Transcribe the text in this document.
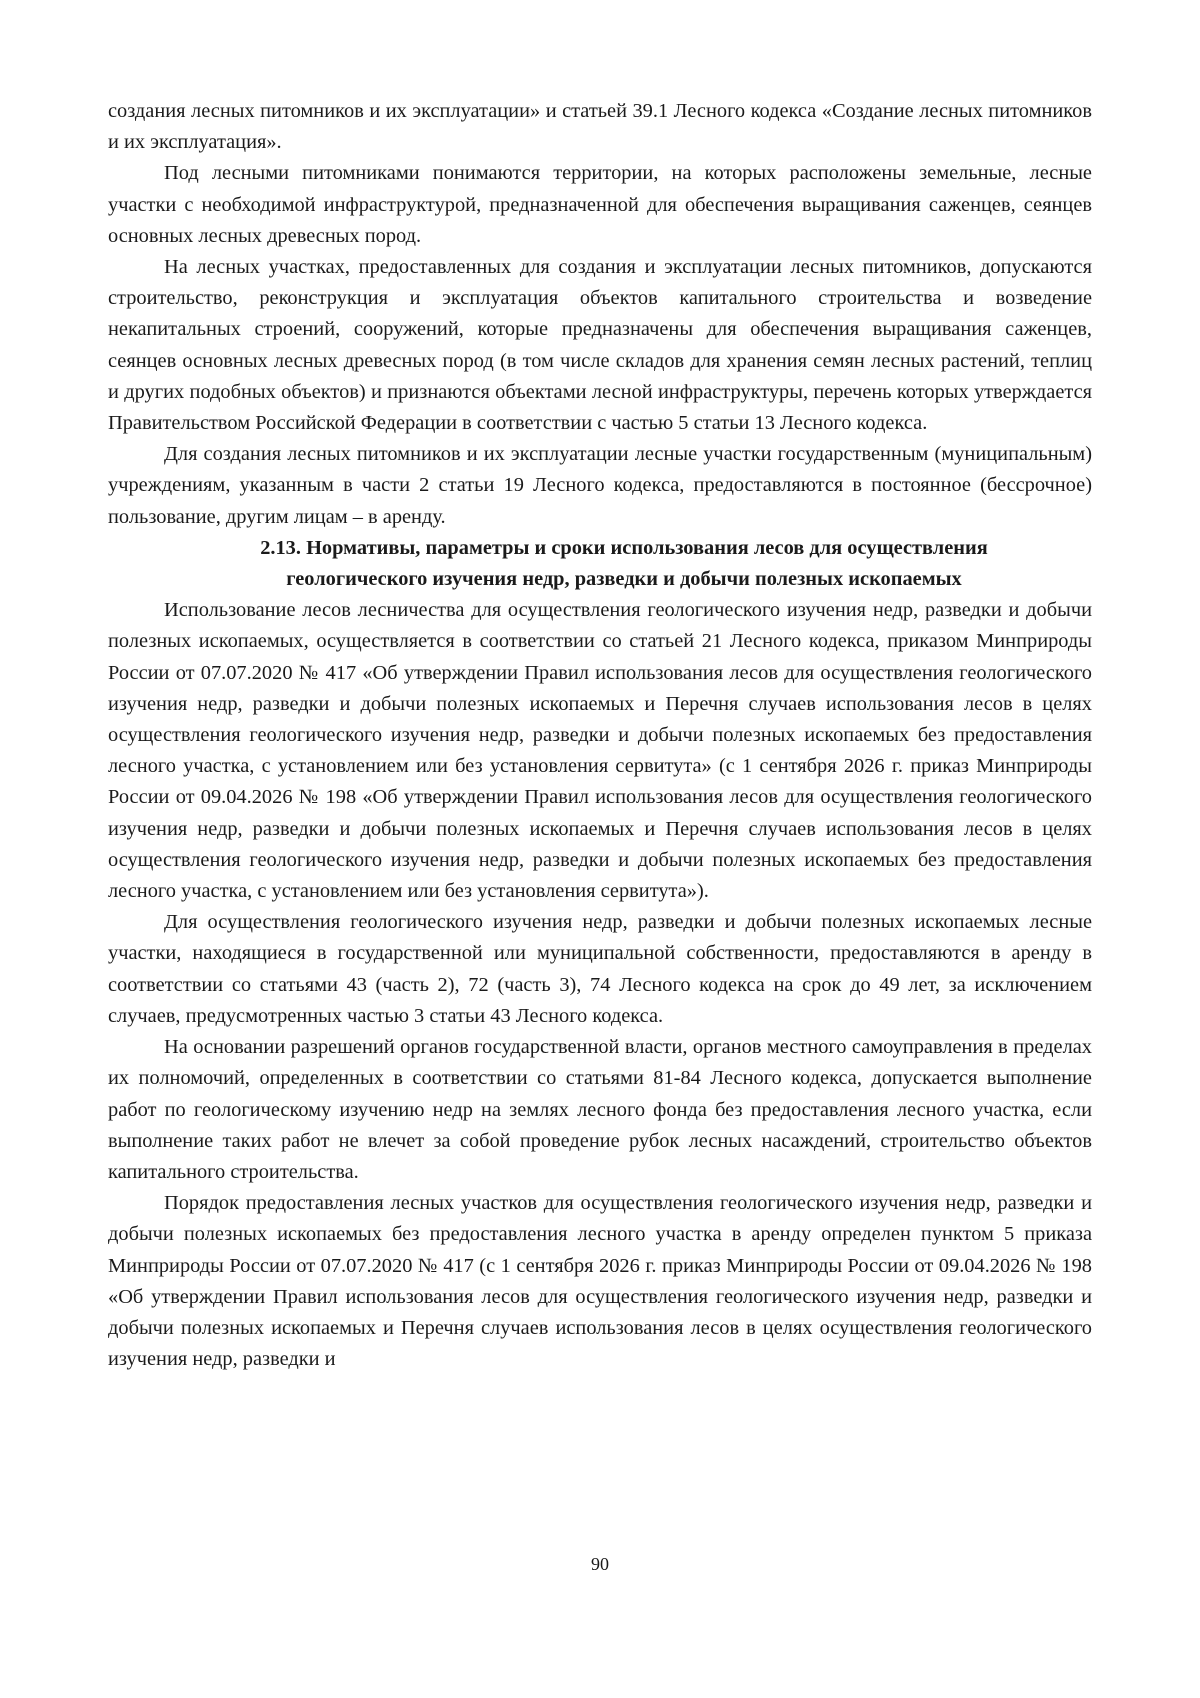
создания лесных питомников и их эксплуатации» и статьей 39.1 Лесного кодекса «Создание лесных питомников и их эксплуатация».

Под лесными питомниками понимаются территории, на которых расположены земельные, лесные участки с необходимой инфраструктурой, предназначенной для обеспечения выращивания саженцев, сеянцев основных лесных древесных пород.

На лесных участках, предоставленных для создания и эксплуатации лесных питомников, допускаются строительство, реконструкция и эксплуатация объектов капитального строительства и возведение некапитальных строений, сооружений, которые предназначены для обеспечения выращивания саженцев, сеянцев основных лесных древесных пород (в том числе складов для хранения семян лесных растений, теплиц и других подобных объектов) и признаются объектами лесной инфраструктуры, перечень которых утверждается Правительством Российской Федерации в соответствии с частью 5 статьи 13 Лесного кодекса.

Для создания лесных питомников и их эксплуатации лесные участки государственным (муниципальным) учреждениям, указанным в части 2 статьи 19 Лесного кодекса, предоставляются в постоянное (бессрочное) пользование, другим лицам – в аренду.

2.13. Нормативы, параметры и сроки использования лесов для осуществления
геологического изучения недр, разведки и добычи полезных ископаемых

Использование лесов лесничества для осуществления геологического изучения недр, разведки и добычи полезных ископаемых, осуществляется в соответствии со статьей 21 Лесного кодекса, приказом Минприроды России от 07.07.2020 № 417 «Об утверждении Правил использования лесов для осуществления геологического изучения недр, разведки и добычи полезных ископаемых и Перечня случаев использования лесов в целях осуществления геологического изучения недр, разведки и добычи полезных ископаемых без предоставления лесного участка, с установлением или без установления сервитута» (с 1 сентября 2026 г. приказ Минприроды России от 09.04.2026 № 198 «Об утверждении Правил использования лесов для осуществления геологического изучения недр, разведки и добычи полезных ископаемых и Перечня случаев использования лесов в целях осуществления геологического изучения недр, разведки и добычи полезных ископаемых без предоставления лесного участка, с установлением или без установления сервитута»).

Для осуществления геологического изучения недр, разведки и добычи полезных ископаемых лесные участки, находящиеся в государственной или муниципальной собственности, предоставляются в аренду в соответствии со статьями 43 (часть 2), 72 (часть 3), 74 Лесного кодекса на срок до 49 лет, за исключением случаев, предусмотренных частью 3 статьи 43 Лесного кодекса.

На основании разрешений органов государственной власти, органов местного самоуправления в пределах их полномочий, определенных в соответствии со статьями 81-84 Лесного кодекса, допускается выполнение работ по геологическому изучению недр на землях лесного фонда без предоставления лесного участка, если выполнение таких работ не влечет за собой проведение рубок лесных насаждений, строительство объектов капитального строительства.

Порядок предоставления лесных участков для осуществления геологического изучения недр, разведки и добычи полезных ископаемых без предоставления лесного участка в аренду определен пунктом 5 приказа Минприроды России от 07.07.2020 № 417 (с 1 сентября 2026 г. приказ Минприроды России от 09.04.2026 № 198 «Об утверждении Правил использования лесов для осуществления геологического изучения недр, разведки и добычи полезных ископаемых и Перечня случаев использования лесов в целях осуществления геологического изучения недр, разведки и

90
